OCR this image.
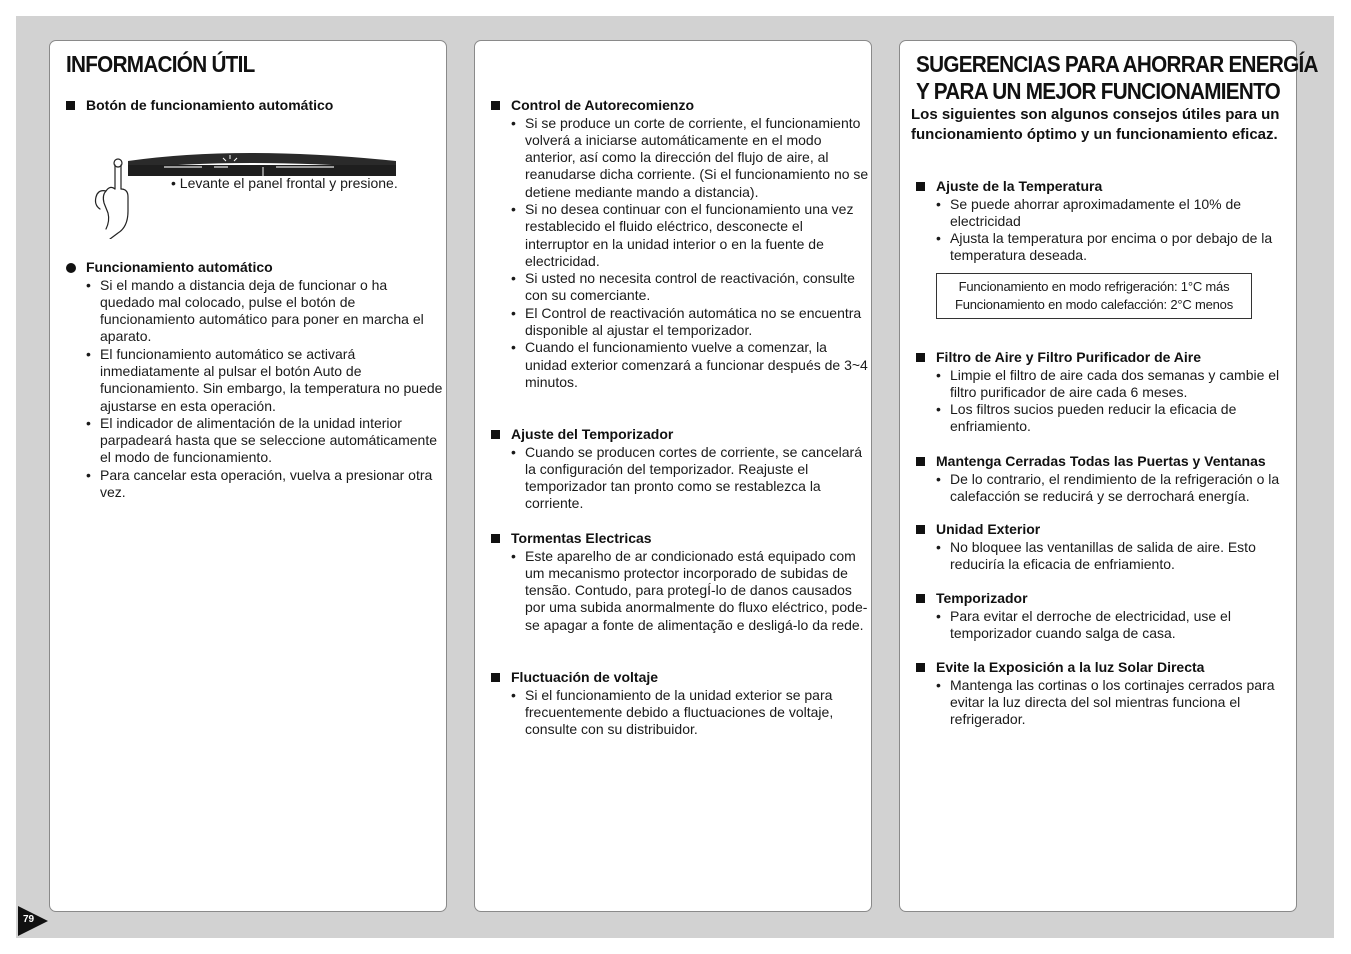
INFORMACIÓN ÚTIL
Botón de funcionamiento automático
• Levante el panel frontal y presione.
Funcionamiento automático
• Si el mando a distancia deja de funcionar o ha quedado mal colocado, pulse el botón de funcionamiento automático para poner en marcha el aparato.
• El funcionamiento automático se activará inmediatamente al pulsar el botón Auto de funcionamiento. Sin embargo, la temperatura no puede ajustarse en esta operación.
• El indicador de alimentación de la unidad interior parpadeará hasta que se seleccione automáticamente el modo de funcionamiento.
• Para cancelar esta operación, vuelva a presionar otra vez.
Control de Autorecomienzo
• Si se produce un corte de corriente, el funcionamiento volverá a iniciarse automáticamente en el modo anterior, así como la dirección del flujo de aire, al reanudarse dicha corriente. (Si el funcionamiento no se detiene mediante mando a distancia).
• Si no desea continuar con el funcionamiento una vez restablecido el fluido eléctrico, desconecte el interruptor en la unidad interior o en la fuente de electricidad.
• Si usted no necesita control de reactivación, consulte con su comerciante.
• El Control de reactivación automática no se encuentra disponible al ajustar el temporizador.
• Cuando el funcionamiento vuelve a comenzar, la unidad exterior comenzará a funcionar después de 3~4 minutos.
Ajuste del Temporizador
• Cuando se producen cortes de corriente, se cancelará la configuración del temporizador. Reajuste el temporizador tan pronto como se restablezca la corriente.
Tormentas Electricas
• Este aparelho de ar condicionado está equipado com um mecanismo protector incorporado de subidas de tensão. Contudo, para protegÍ-lo de danos causados por uma subida anormalmente do fluxo eléctrico, pode-se apagar a fonte de alimentação e desligá-lo da rede.
Fluctuación de voltaje
• Si el funcionamiento de la unidad exterior se para frecuentemente debido a fluctuaciones de voltaje, consulte con su distribuidor.
SUGERENCIAS PARA AHORRAR ENERGÍA
Y PARA UN MEJOR FUNCIONAMIENTO
Los siguientes son algunos consejos útiles para un funcionamiento óptimo y un funcionamiento eficaz.
Ajuste de la Temperatura
• Se puede ahorrar aproximadamente el 10% de electricidad
• Ajusta la temperatura por encima o por debajo de la temperatura deseada.
Funcionamiento en modo refrigeración: 1°C más
Funcionamiento en modo calefacción: 2°C menos
Filtro de Aire y Filtro Purificador de Aire
• Limpie el filtro de aire cada dos semanas y cambie el filtro purificador de aire cada 6 meses.
• Los filtros sucios pueden reducir la eficacia de enfriamiento.
Mantenga Cerradas Todas las Puertas y Ventanas
• De lo contrario, el rendimiento de la refrigeración o la calefacción se reducirá y se derrochará energía.
Unidad Exterior
• No bloquee las ventanillas de salida de aire. Esto reduciría la eficacia de enfriamiento.
Temporizador
• Para evitar el derroche de electricidad, use el temporizador cuando salga de casa.
Evite la Exposición a la luz Solar Directa
• Mantenga las cortinas o los cortinajes cerrados para evitar la luz directa del sol mientras funciona el refrigerador.
79
